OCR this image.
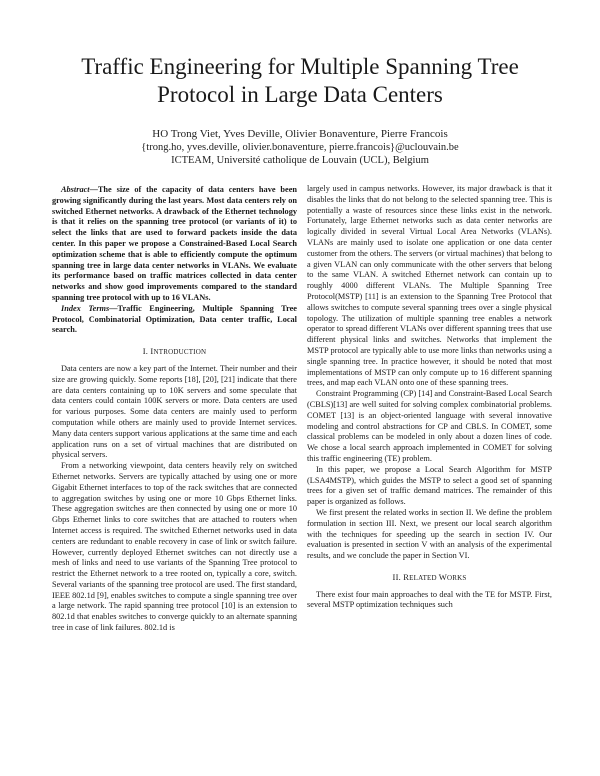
Traffic Engineering for Multiple Spanning Tree
Protocol in Large Data Centers
HO Trong Viet, Yves Deville, Olivier Bonaventure, Pierre Francois
{trong.ho, yves.deville, olivier.bonaventure, pierre.francois}@uclouvain.be
ICTEAM, Université catholique de Louvain (UCL), Belgium

Abstract—The size of the capacity of data centers have been growing significantly during the last years. Most data centers rely on switched Ethernet networks. A drawback of the Ethernet technology is that it relies on the spanning tree protocol (or variants of it) to select the links that are used to forward packets inside the data center. In this paper we propose a Constrained-Based Local Search optimization scheme that is able to efficiently compute the optimum spanning tree in large data center networks in VLANs. We evaluate its performance based on traffic matrices collected in data center networks and show good improvements compared to the standard spanning tree protocol with up to 16 VLANs.

Index Terms—Traffic Engineering, Multiple Spanning Tree Protocol, Combinatorial Optimization, Data center traffic, Local search.

I. INTRODUCTION

Data centers are now a key part of the Internet. Their number and their size are growing quickly. Some reports [18], [20], [21] indicate that there are data centers containing up to 10K servers and some speculate that data centers could contain 100K servers or more. Data centers are used for various purposes. Some data centers are mainly used to perform computation while others are mainly used to provide Internet services. Many data centers support various applications at the same time and each application runs on a set of virtual machines that are distributed on physical servers.

From a networking viewpoint, data centers heavily rely on switched Ethernet networks. Servers are typically attached by using one or more Gigabit Ethernet interfaces to top of the rack switches that are connected to aggregation switches by using one or more 10 Gbps Ethernet links. These aggregation switches are then connected by using one or more 10 Gbps Ethernet links to core switches that are attached to routers when Internet access is required. The switched Ethernet networks used in data centers are redundant to enable recovery in case of link or switch failure. However, currently deployed Ethernet switches can not directly use a mesh of links and need to use variants of the Spanning Tree protocol to restrict the Ethernet network to a tree rooted on, typically a core, switch. Several variants of the spanning tree protocol are used. The first standard, IEEE 802.1d [9], enables switches to compute a single spanning tree over a large network. The rapid spanning tree protocol [10] is an extension to 802.1d that enables switches to converge quickly to an alternate spanning tree in case of link failures. 802.1d is

largely used in campus networks. However, its major drawback is that it disables the links that do not belong to the selected spanning tree. This is potentially a waste of resources since these links exist in the network. Fortunately, large Ethernet networks such as data center networks are logically divided in several Virtual Local Area Networks (VLANs). VLANs are mainly used to isolate one application or one data center customer from the others. The servers (or virtual machines) that belong to a given VLAN can only communicate with the other servers that belong to the same VLAN. A switched Ethernet network can contain up to roughly 4000 different VLANs. The Multiple Spanning Tree Protocol(MSTP) [11] is an extension to the Spanning Tree Protocol that allows switches to compute several spanning trees over a single physical topology. The utilization of multiple spanning tree enables a network operator to spread different VLANs over different spanning trees that use different physical links and switches. Networks that implement the MSTP protocol are typically able to use more links than networks using a single spanning tree. In practice however, it should be noted that most implementations of MSTP can only compute up to 16 different spanning trees, and map each VLAN onto one of these spanning trees.

Constraint Programming (CP) [14] and Constraint-Based Local Search (CBLS)[13] are well suited for solving complex combinatorial problems. COMET [13] is an object-oriented language with several innovative modeling and control abstractions for CP and CBLS. In COMET, some classical problems can be modeled in only about a dozen lines of code. We chose a local search approach implemented in COMET for solving this traffic engineering (TE) problem.

In this paper, we propose a Local Search Algorithm for MSTP (LSA4MSTP), which guides the MSTP to select a good set of spanning trees for a given set of traffic demand matrices. The remainder of this paper is organized as follows.

We first present the related works in section II. We define the problem formulation in section III. Next, we present our local search algorithm with the techniques for speeding up the search in section IV. Our evaluation is presented in section V with an analysis of the experimental results, and we conclude the paper in Section VI.

II. RELATED WORKS

There exist four main approaches to deal with the TE for MSTP. First, several MSTP optimization techniques such
